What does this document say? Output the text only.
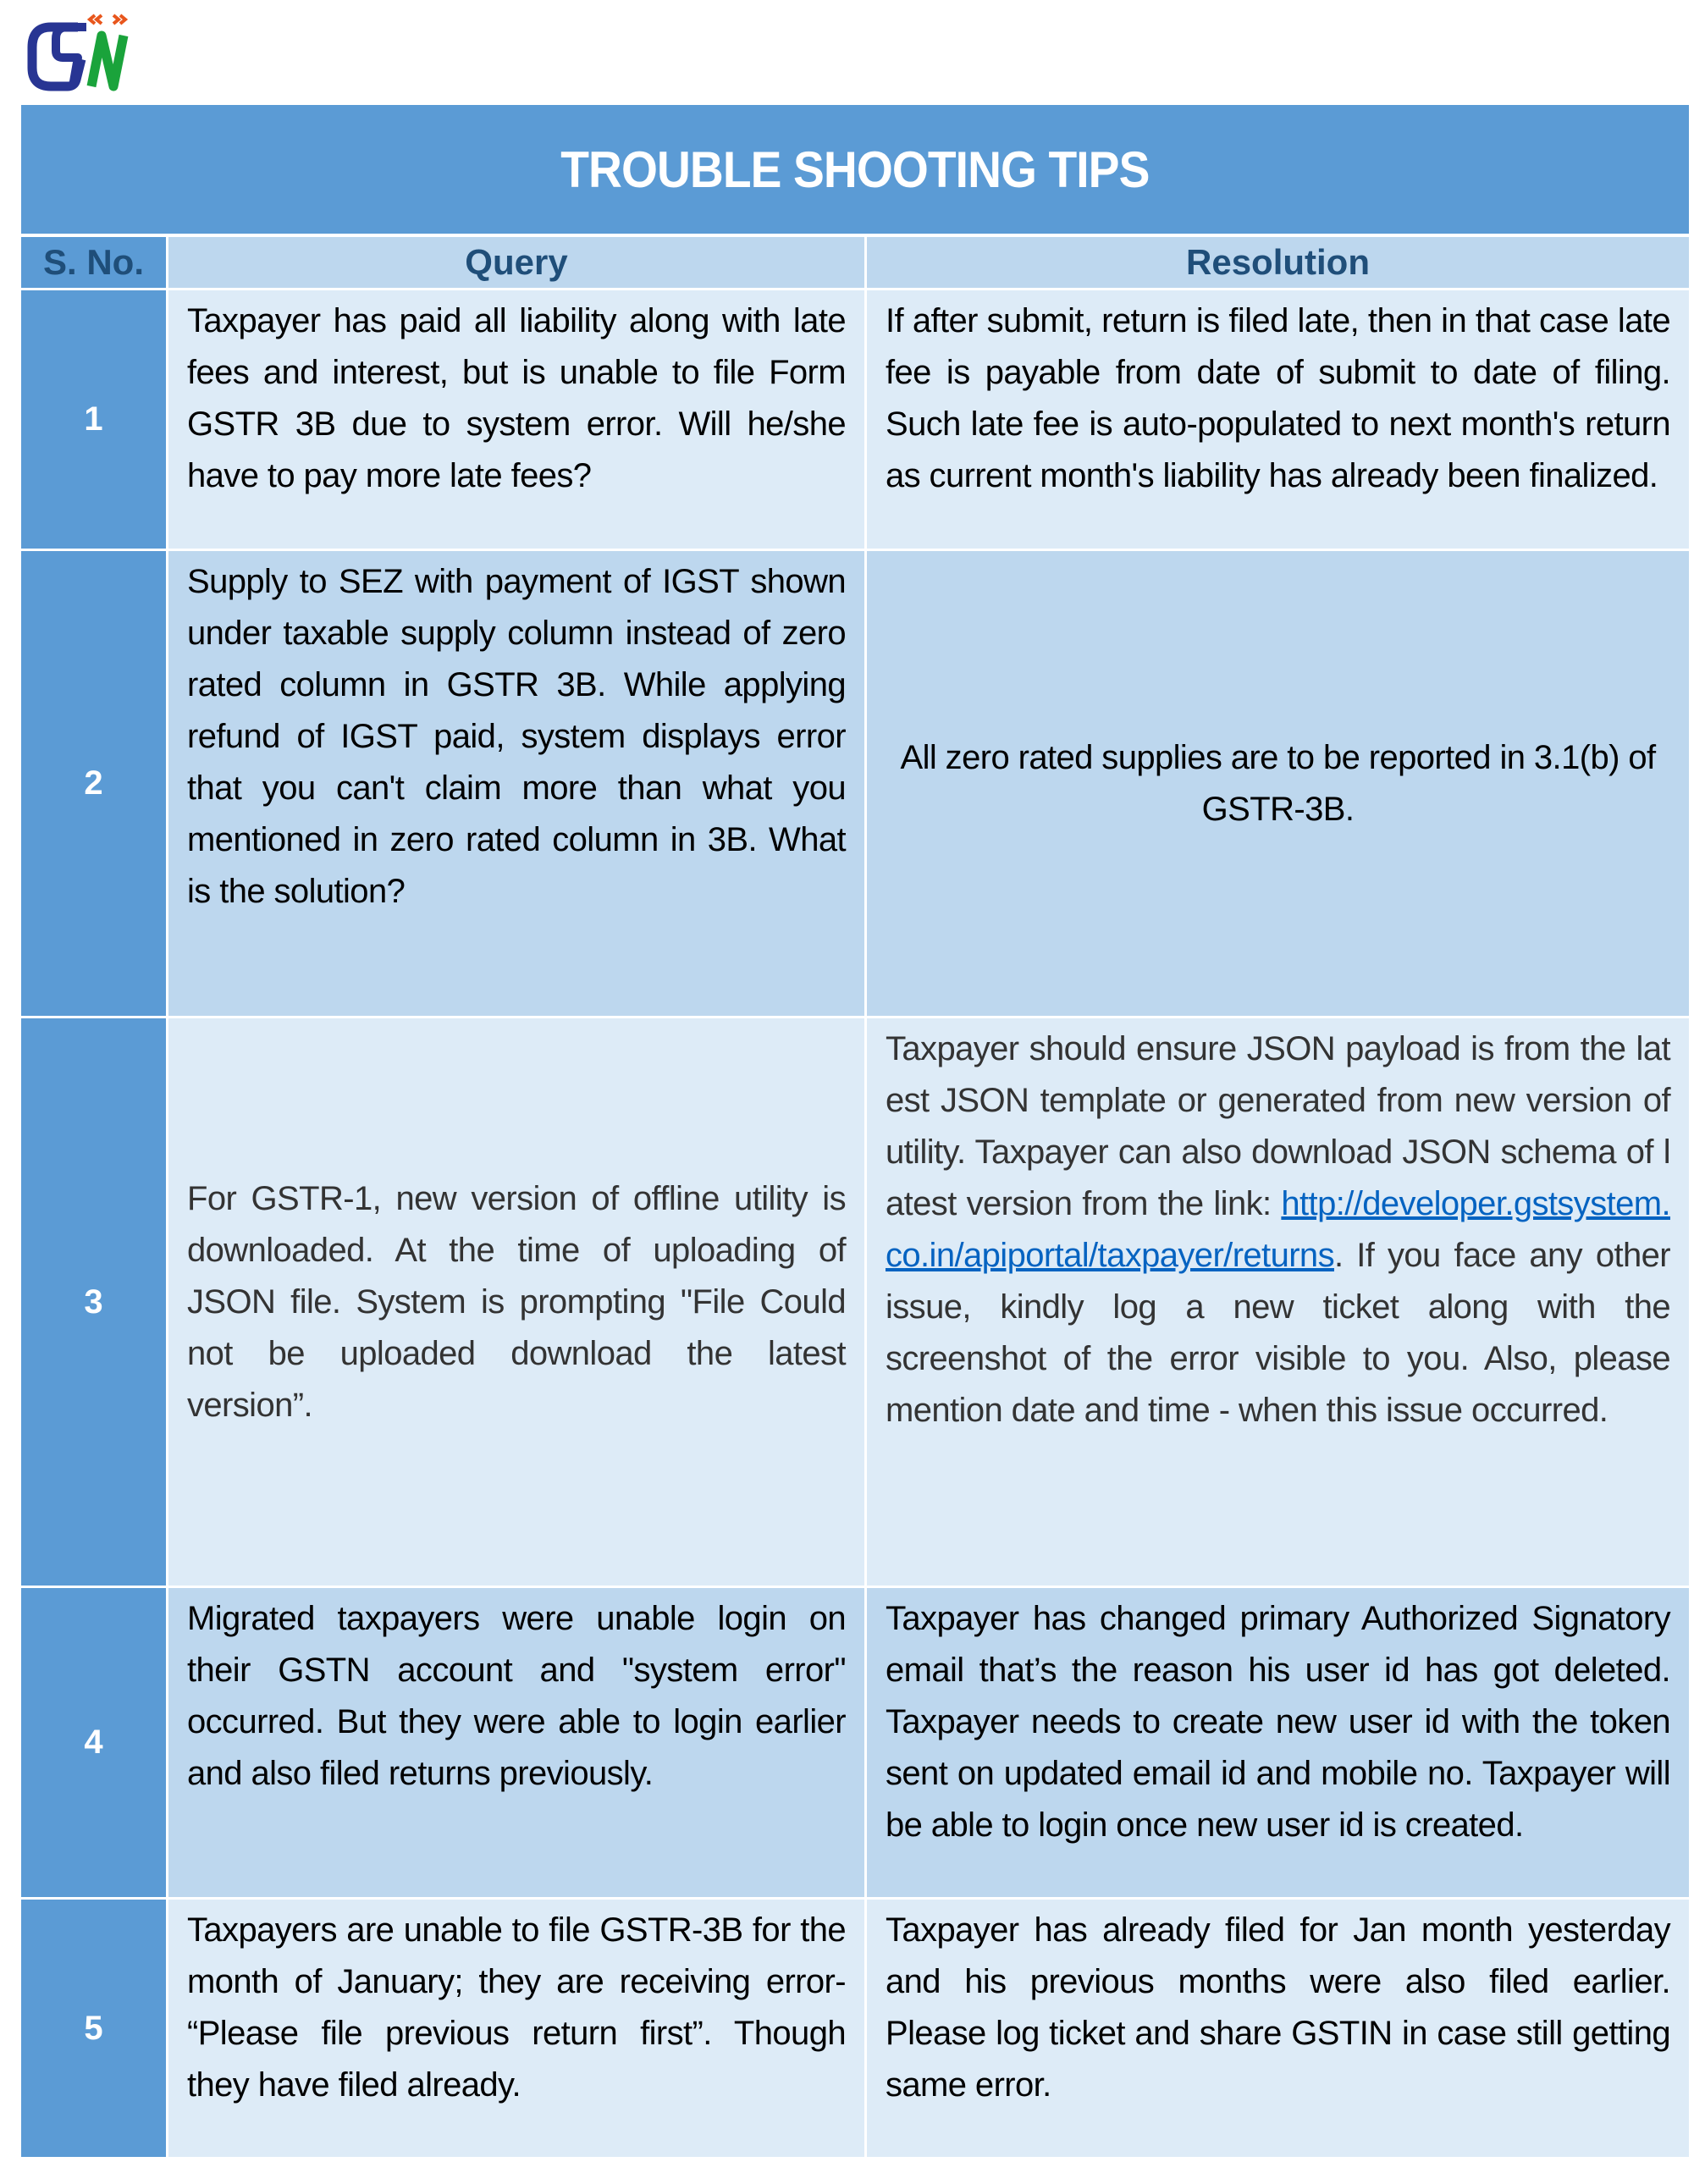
TROUBLE SHOOTING TIPS
S. No.	Query	Resolution
1
Taxpayer has paid all liability along with late fees and interest, but is unable to file Form GSTR 3B due to system error. Will he/she have to pay more late fees?
If after submit, return is filed late, then in that case late fee is payable from date of submit to date of filing. Such late fee is auto-populated to next month's return as current month's liability has already been finalized.
2
Supply to SEZ with payment of IGST shown under taxable supply column instead of zero rated column in GSTR 3B. While applying refund of IGST paid, system displays error that you can't claim more than what you mentioned in zero rated column in 3B. What is the solution?
All zero rated supplies are to be reported in 3.1(b) of GSTR-3B.
3
For GSTR-1, new version of offline utility is downloaded. At the time of uploading of JSON file. System is prompting "File Could not be uploaded download the latest version”.
Taxpayer should ensure JSON payload is from the latest JSON template or generated from new version of utility. Taxpayer can also download JSON schema of latest version from the link: http://developer.gstsystem.co.in/apiportal/taxpayer/returns. If you face any other issue, kindly log a new ticket along with the screenshot of the error visible to you. Also, please mention date and time - when this issue occurred.
4
Migrated taxpayers were unable login on their GSTN account and "system error" occurred. But they were able to login earlier and also filed returns previously.
Taxpayer has changed primary Authorized Signatory email that’s the reason his user id has got deleted. Taxpayer needs to create new user id with the token sent on updated email id and mobile no. Taxpayer will be able to login once new user id is created.
5
Taxpayers are unable to file GSTR-3B for the month of January; they are receiving error- “Please file previous return first”. Though they have filed already.
Taxpayer has already filed for Jan month yesterday and his previous months were also filed earlier. Please log ticket and share GSTIN in case still getting same error.
